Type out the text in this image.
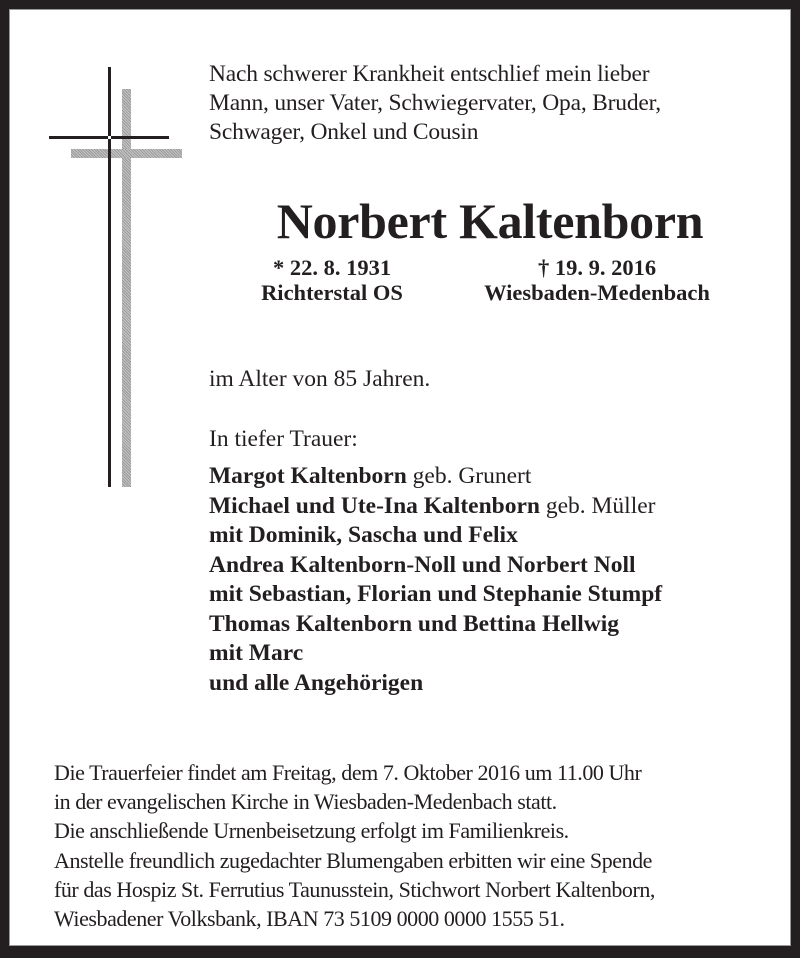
Nach schwerer Krankheit entschlief mein lieber
Mann, unser Vater, Schwiegervater, Opa, Bruder,
Schwager, Onkel und Cousin
Norbert Kaltenborn
* 22. 8. 1931
Richterstal OS
† 19. 9. 2016
Wiesbaden-Medenbach
im Alter von 85 Jahren.
In tiefer Trauer:
Margot Kaltenborn geb. Grunert
Michael und Ute-Ina Kaltenborn geb. Müller
mit Dominik, Sascha und Felix
Andrea Kaltenborn-Noll und Norbert Noll
mit Sebastian, Florian und Stephanie Stumpf
Thomas Kaltenborn und Bettina Hellwig
mit Marc
und alle Angehörigen
Die Trauerfeier findet am Freitag, dem 7. Oktober 2016 um 11.00 Uhr
in der evangelischen Kirche in Wiesbaden-Medenbach statt.
Die anschließende Urnenbeisetzung erfolgt im Familienkreis.
Anstelle freundlich zugedachter Blumengaben erbitten wir eine Spende
für das Hospiz St. Ferrutius Taunusstein, Stichwort Norbert Kaltenborn,
Wiesbadener Volksbank, IBAN 73 5109 0000 0000 1555 51.
